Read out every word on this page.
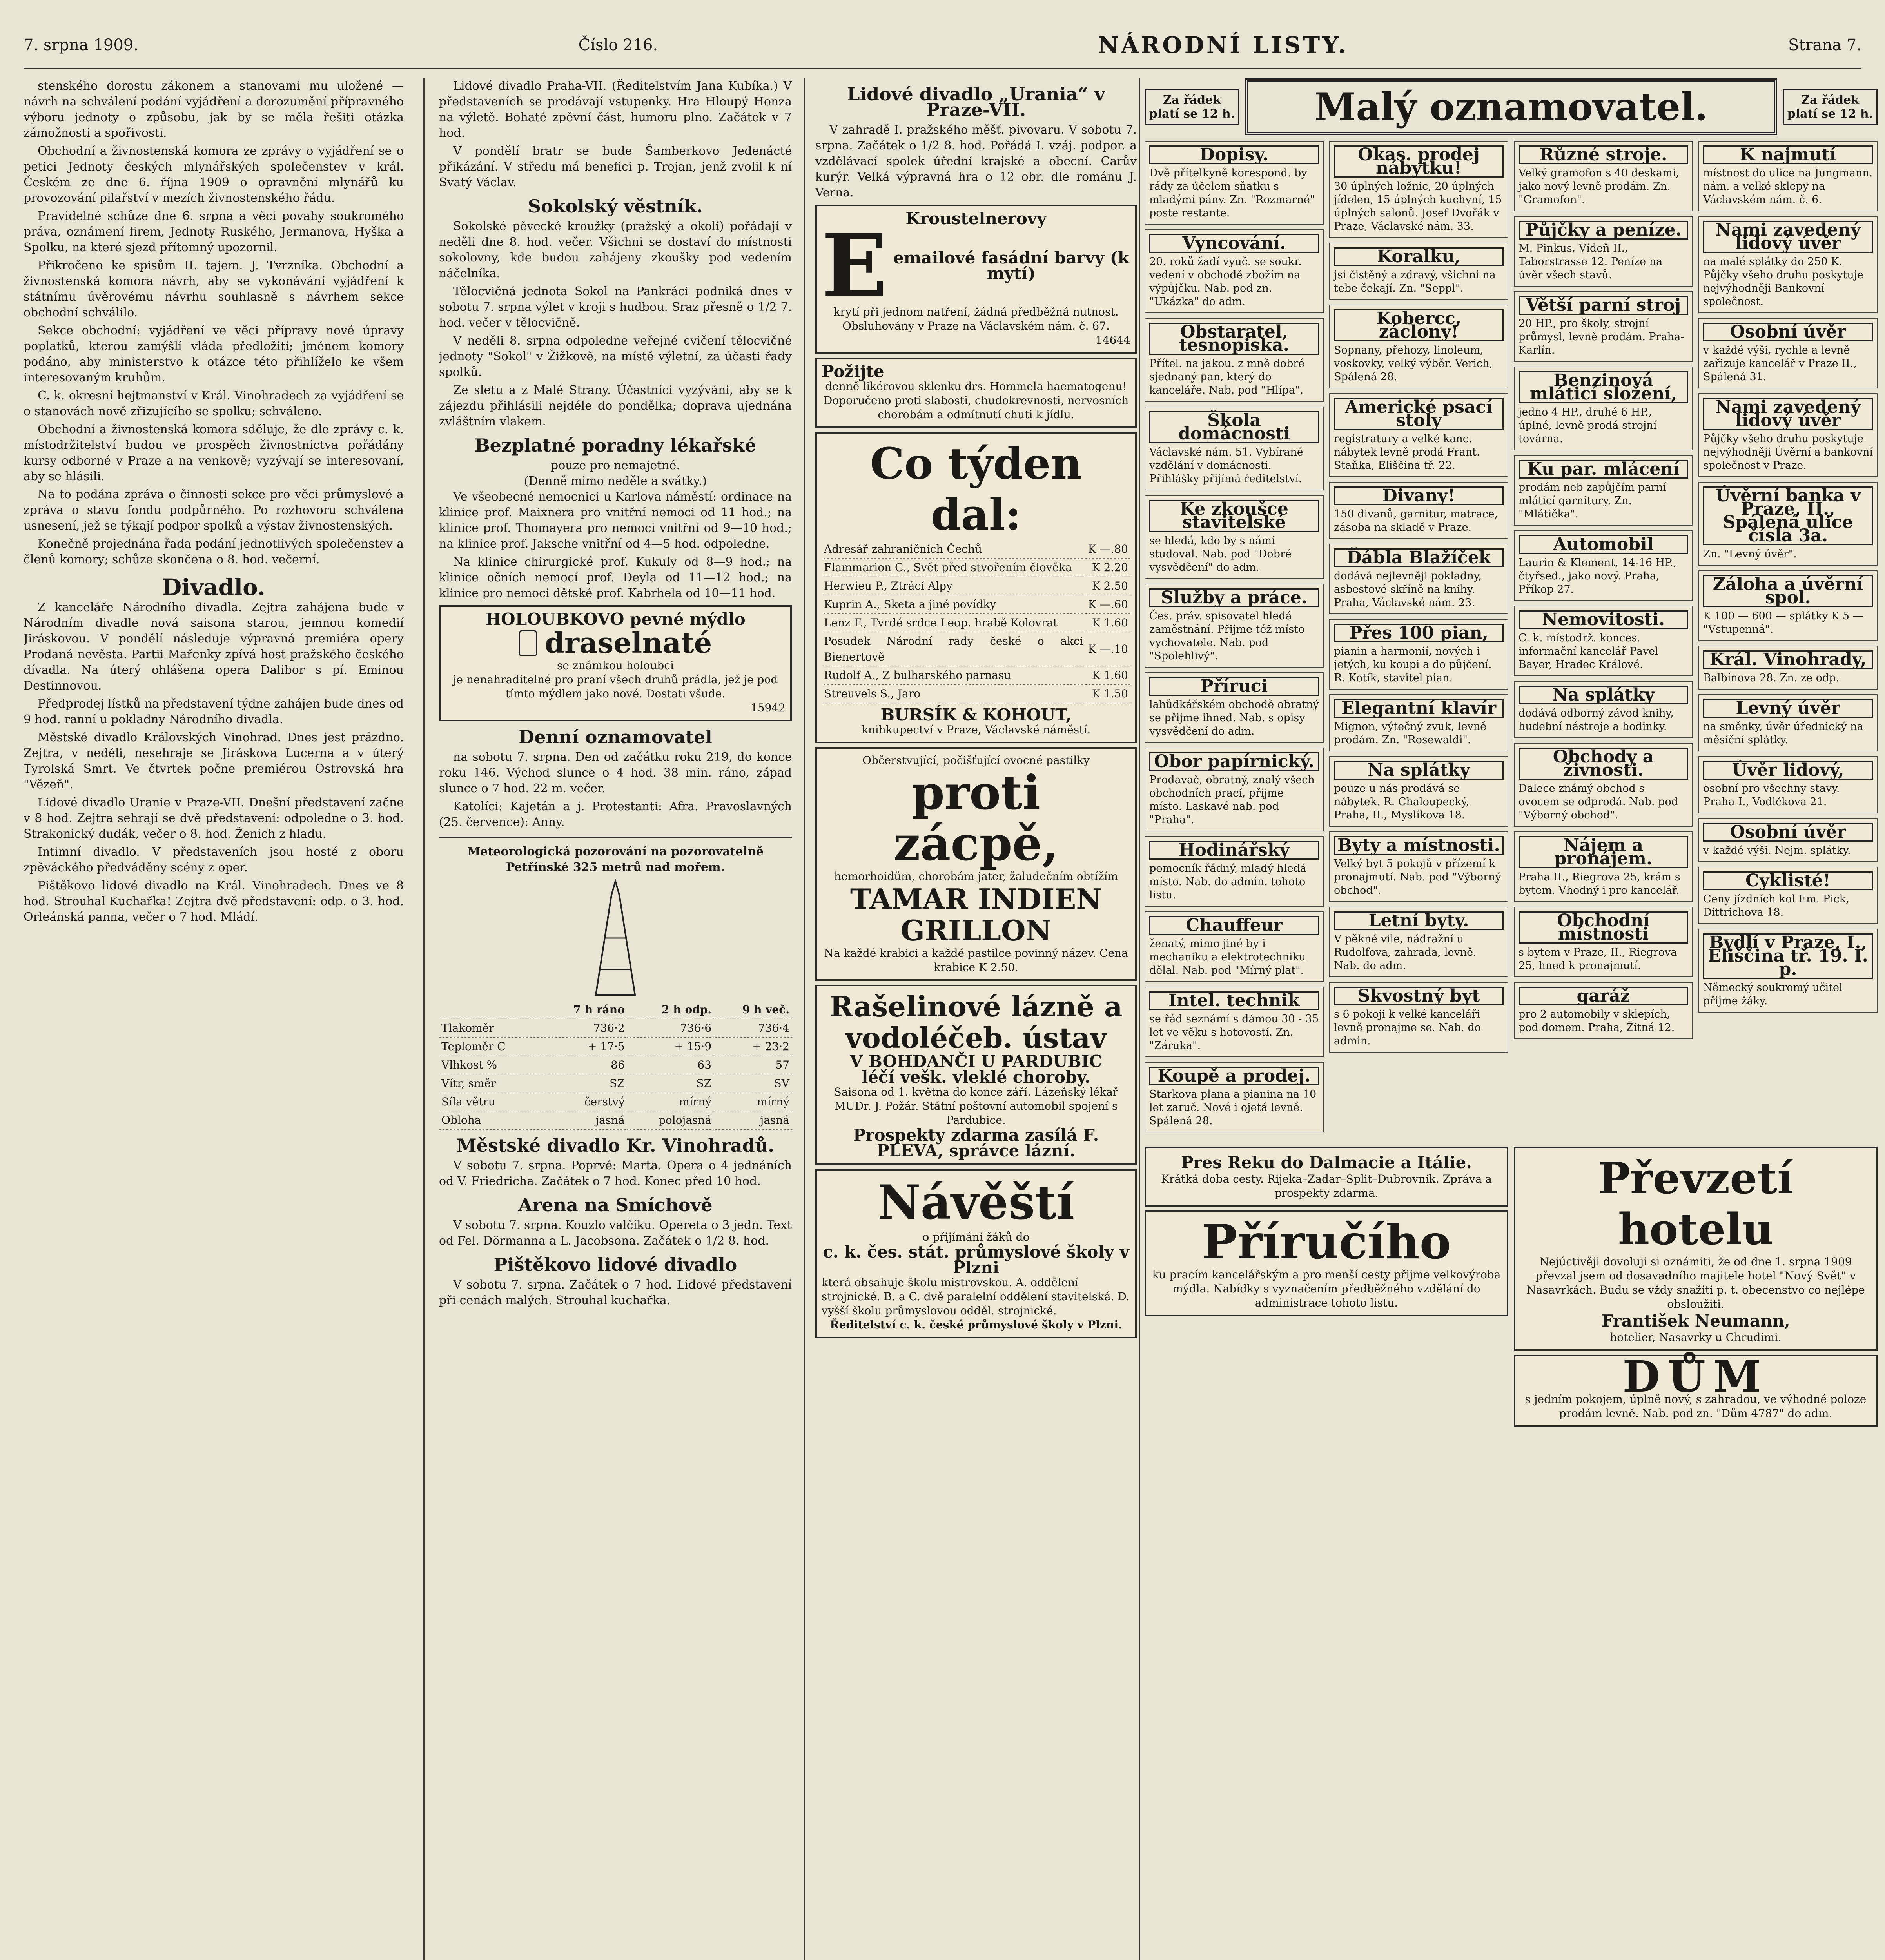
7. srpna 1909.	Číslo 216.	NÁRODNÍ LISTY.	Strana 7.

stenského dorostu zákonem a stanovami mu uložené — návrh na schválení podání vyjádření a dorozumění přípravného výboru jednoty o způsobu, jak by se měla řešiti otázka zámožnosti a spořivosti.

Obchodní a živnostenská komora ze zprávy o vyjádření se o petici Jednoty českých mlynářských společenstev v král. Českém ze dne 6. října 1909 o opravnění mlynářů ku provozování pilařství v mezích živnostenského řádu.

Pravidelné schůze dne 6. srpna a věci povahy soukromého práva, oznámení firem, Jednoty Ruského, Jermanova, Hyška a Spolku, na které sjezd přítomný upozornil.

Přikročeno ke spisům II. tajem. J. Tvrzníka. Obchodní a živnostenská komora návrh, aby se vykonávání vyjádření k státnímu úvěrovému návrhu souhlasně s návrhem sekce obchodní schválilo.

Sekce obchodní: vyjádření ve věci přípravy nové úpravy poplatků, kterou zamýšlí vláda předložiti; jménem komory podáno, aby ministerstvo k otázce této přihlíželo ke všem interesovaným kruhům.

C. k. okresní hejtmanství v Král. Vinohradech za vyjádření se o stanovách nově zřizujícího se spolku; schváleno.

Obchodní a živnostenská komora sděluje, že dle zprávy c. k. místodržitelství budou ve prospěch živnostnictva pořádány kursy odborné v Praze a na venkově; vyzývají se interesovaní, aby se hlásili.

Na to podána zpráva o činnosti sekce pro věci průmyslové a zpráva o stavu fondu podpůrného. Po rozhovoru schválena usnesení, jež se týkají podpor spolků a výstav živnostenských.

Konečně projednána řada podání jednotlivých společenstev a členů komory; schůze skončena o 8. hod. večerní.

Divadlo.

Z kanceláře Národního divadla. Zejtra zahájena bude v Národním divadle nová saisona starou, jemnou komedií Jiráskovou. V pondělí následuje výpravná premiéra opery Prodaná nevěsta. Partii Mařenky zpívá host pražského českého dívadla. Na úterý ohlášena opera Dalibor s pí. Eminou Destinnovou.

Předprodej lístků na představení týdne zahájen bude dnes od 9 hod. ranní u pokladny Národního divadla.

Městské divadlo Královských Vinohrad. Dnes jest prázdno. Zejtra, v neděli, nesehraje se Jiráskova Lucerna a v úterý Tyrolská Smrt. Ve čtvrtek počne premiérou Ostrovská hra "Vězeň".

Lidové divadlo Uranie v Praze-VII. Dnešní představení začne v 8 hod. Zejtra sehrají se dvě představení: odpoledne o 3. hod. Strakonický dudák, večer o 8. hod. Ženich z hladu.

Intimní divadlo. V představeních jsou hosté z oboru zpěváckého předváděny scény z oper.

Pištěkovo lidové divadlo na Král. Vinohradech. Dnes ve 8 hod. Strouhal Kuchařka! Zejtra dvě představení: odp. o 3. hod. Orleánská panna, večer o 7 hod. Mládí.

Lidové divadlo Praha-VII. (Ředitelstvím Jana Kubíka.) V představeních se prodávají vstupenky. Hra Hloupý Honza na výletě. Bohaté zpěvní část, humoru plno. Začátek v 7 hod.

V pondělí bratr se bude Šamberkovo Jedenácté přikázání. V středu má benefici p. Trojan, jenž zvolil k ní Svatý Václav.

Sokolský věstník.

Sokolské pěvecké kroužky (pražský a okolí) pořádají v neděli dne 8. hod. večer. Všichni se dostaví do místnosti sokolovny, kde budou zahájeny zkoušky pod vedením náčelníka.

Tělocvičná jednota Sokol na Pankráci podniká dnes v sobotu 7. srpna výlet v kroji s hudbou. Sraz přesně o 1/2 7. hod. večer v tělocvičně.

V neděli 8. srpna odpoledne veřejné cvičení tělocvičné jednoty "Sokol" v Žižkově, na místě výletní, za účasti řady spolků.

Ze sletu a z Malé Strany. Účastníci vyzýváni, aby se k zájezdu přihlásili nejdéle do pondělka; doprava ujednána zvláštním vlakem.

Bezplatné poradny lékařské
pouze pro nemajetné.
(Denně mimo neděle a svátky.)

Ve všeobecné nemocnici u Karlova náměstí: ordinace na klinice prof. Maixnera pro vnitřní nemoci od 11 hod.; na klinice prof. Thomayera pro nemoci vnitřní od 9—10 hod.; na klinice prof. Jaksche vnitřní od 4—5 hod. odpoledne.

Na klinice chirurgické prof. Kukuly od 8—9 hod.; na klinice očních nemocí prof. Deyla od 11—12 hod.; na klinice pro nemoci dětské prof. Kabrhela od 10—11 hod.

HOLOUBKOVO pevné mýdlo
draselnaté
se známkou holoubci
je nenahraditelné pro praní všech druhů prádla, jež je pod tímto mýdlem jako nové. Dostati všude.
15942
Denní oznamovatel

na sobotu 7. srpna. Den od začátku roku 219, do konce roku 146. Východ slunce o 4 hod. 38 min. ráno, západ slunce o 7 hod. 22 m. večer.

Katolíci: Kajetán a j. Protestanti: Afra. Pravoslavných (25. července): Anny.

Meteorologická pozorování na pozorovatelně Petřínské 325 metrů nad mořem.
	7 h ráno	2 h odp.	9 h več.
Tlakoměr	736·2	736·6	736·4
Teploměr C	+ 17·5	+ 15·9	+ 23·2
Vlhkost %	86	63	57
Vítr, směr	SZ	SZ	SV
Síla větru	čerstvý	mírný	mírný
Obloha	jasná	polojasná	jasná
Městské divadlo Kr. Vinohradů.

V sobotu 7. srpna. Poprvé: Marta. Opera o 4 jednáních od V. Friedricha. Začátek o 7 hod. Konec před 10 hod.

Arena na Smíchově

V sobotu 7. srpna. Kouzlo valčíku. Opereta o 3 jedn. Text od Fel. Dörmanna a L. Jacobsona. Začátek o 1/2 8. hod.

Pištěkovo lidové divadlo

V sobotu 7. srpna. Začátek o 7 hod. Lidové představení při cenách malých. Strouhal kuchařka.

Lidové divadlo „Urania“ v Praze-VII.

V zahradě I. pražského měšť. pivovaru. V sobotu 7. srpna. Začátek o 1/2 8. hod. Pořádá I. vzáj. podpor. a vzdělávací spolek úřední krajské a obecní. Carův kurýr. Velká výpravná hra o 12 obr. dle románu J. Verna.

Kroustelnerovy
E emailové fasádní barvy (k mytí)
krytí při jednom natření, žádná předběžná nutnost. Obsluhovány v Praze na Václavském nám. č. 67.
14644
Požijte
denně likérovou sklenku drs. Hommela haematogenu! Doporučeno proti slabosti, chudokrevnosti, nervosních chorobám a odmítnutí chuti k jídlu.
Co týden dal:
Adresář zahraničních Čechů	K —.80
Flammarion C., Svět před stvořením člověka	K 2.20
Herwieu P., Ztrácí Alpy	K 2.50
Kuprin A., Sketa a jiné povídky	K —.60
Lenz F., Tvrdé srdce Leop. hrabě Kolovrat	K 1.60
Posudek Národní rady české o akci Bienertově	K —.10
Rudolf A., Z bulharského parnasu	K 1.60
Streuvels S., Jaro	K 1.50
BURSÍK & KOHOUT,
knihkupectví v Praze, Václavské náměstí.
Občerstvující, počišťující ovocné pastilky
proti zácpě,
hemorhoidům, chorobám jater, žaludečním obtížím
TAMAR INDIEN GRILLON
Na každé krabici a každé pastilce povinný název. Cena krabice K 2.50.
Rašelinové lázně a vodoléčeb. ústav
V BOHDANČI U PARDUBIC
léčí vešk. vleklé choroby.
Saisona od 1. května do konce září. Lázeňský lékař MUDr. J. Požár. Státní poštovní automobil spojení s Pardubice.
Prospekty zdarma zasílá F. PLEVA, správce lázní.
Návěští
o přijímání žáků do
c. k. čes. stát. průmyslové školy v Plzni
která obsahuje školu mistrovskou. A. oddělení strojnické. B. a C. dvě paralelní oddělení stavitelská. D. vyšší školu průmyslovou odděl. strojnické.
Ředitelství c. k. české průmyslové školy v Plzni.
Za řádek platí se 12 h.	Malý oznamovatel.	Za řádek platí se 12 h.
Dopisy.
Dvě přítelkyně korespond. by rády za účelem sňatku s mladými pány. Zn. "Rozmarné" poste restante.
Vyncování.
20. roků žadí vyuč. se soukr. vedení v obchodě zbožím na výpůjčku. Nab. pod zn. "Ukázka" do adm.
Obstaratel, tesnopiska.
Přítel. na jakou. z mně dobré sjednaný pan, který do kanceláře. Nab. pod "Hlípa".
Škola domácnosti
Václavské nám. 51. Vybírané vzdělání v domácnosti. Přihlášky přijímá ředitelství.
Ke zkoušce stavitelské
se hledá, kdo by s námi studoval. Nab. pod "Dobré vysvědčení" do adm.
Služby a práce.
Čes. práv. spisovatel hledá zaměstnání. Přijme též místo vychovatele. Nab. pod "Spolehlivý".
Příruci
lahůdkářském obchodě obratný se přijme ihned. Nab. s opisy vysvědčení do adm.
Obor papírnický.
Prodavač, obratný, znalý všech obchodních prací, přijme místo. Laskavé nab. pod "Praha".
Hodinářský
pomocník řádný, mladý hledá místo. Nab. do admin. tohoto listu.
Chauffeur
ženatý, mimo jiné by i mechaniku a elektrotechniku dělal. Nab. pod "Mírný plat".
Intel. technik
se řád seznámí s dámou 30 - 35 let ve věku s hotovostí. Zn. "Záruka".
Koupě a prodej.
Starkova plana a pianina na 10 let zaruč. Nové i ojetá levně. Spálená 28.
Okas. prodej nábytku!
30 úplných ložnic, 20 úplných jídelen, 15 úplných kuchyní, 15 úplných salonů. Josef Dvořák v Praze, Václavské nám. 33.
Koralku,
jsi čistěný a zdravý, všichni na tebe čekají. Zn. "Seppl".
Kobercc, záclony!
Sopnany, přehozy, linoleum, voskovky, velký výběr. Verich, Spálená 28.
Americké psací stoly
registratury a velké kanc. nábytek levně prodá Frant. Staňka, Eliščina tř. 22.
Divany!
150 divanů, garnitur, matrace, zásoba na skladě v Praze.
Ďábla Blažíček
dodává nejlevněji pokladny, asbestové skříně na knihy. Praha, Václavské nám. 23.
Přes 100 pian,
pianin a harmonií, nových i jetých, ku koupi a do půjčení. R. Kotík, stavitel pian.
Elegantní klavír
Mignon, výtečný zvuk, levně prodám. Zn. "Rosewaldi".
Na splátky
pouze u nás prodává se nábytek. R. Chaloupecký, Praha, II., Myslíkova 18.
Byty a místnosti.
Velký byt 5 pokojů v přízemí k pronajmutí. Nab. pod "Výborný obchod".
Letní byty.
V pěkné vile, nádražní u Rudolfova, zahrada, levně. Nab. do adm.
Skvostný byt
s 6 pokoji k velké kanceláři levně pronajme se. Nab. do admin.
Různé stroje.
Velký gramofon s 40 deskami, jako nový levně prodám. Zn. "Gramofon".
Půjčky a peníze.
M. Pinkus, Vídeň II., Taborstrasse 12. Peníze na úvěr všech stavů.
Větší parní stroj
20 HP., pro školy, strojní průmysl, levně prodám. Praha-Karlín.
Benzinová mláticí složení,
jedno 4 HP., druhé 6 HP., úplné, levně prodá strojní továrna.
Ku par. mlácení
prodám neb zapůjčím parní mláticí garnitury. Zn. "Mlátička".
Automobil
Laurin & Klement, 14-16 HP., čtyřsed., jako nový. Praha, Příkop 27.
Nemovitosti.
C. k. místodrž. konces. informační kancelář Pavel Bayer, Hradec Králové.
Na splátky
dodává odborný závod knihy, hudební nástroje a hodinky.
Obchody a živnosti.
Dalece známý obchod s ovocem se odprodá. Nab. pod "Výborný obchod".
Nájem a pronájem.
Praha II., Riegrova 25, krám s bytem. Vhodný i pro kancelář.
Obchodní místnosti
s bytem v Praze, II., Riegrova 25, hned k pronajmutí.
garáž
pro 2 automobily v sklepích, pod domem. Praha, Žitná 12.
K najmutí
místnost do ulice na Jungmann. nám. a velké sklepy na Václavském nám. č. 6.
Nami zavedený lidový úvěr
na malé splátky do 250 K. Půjčky všeho druhu poskytuje nejvýhodněji Bankovní společnost.
Osobní úvěr
v každé výši, rychle a levně zařizuje kancelář v Praze II., Spálená 31.
Nami zavedený lidový úvěr
Půjčky všeho druhu poskytuje nejvýhodněji Úvěrní a bankovní společnost v Praze.
Úvěrní banka v Praze, II., Spálená ulice čísla 3a.
Zn. "Levný úvěr".
Záloha a úvěrní spol.
K 100 — 600 — splátky K 5 — "Vstupenná".
Král. Vinohrady,
Balbínova 28. Zn. ze odp.
Levný úvěr
na směnky, úvěr úřednický na měsíční splátky.
Úvěr lidový,
osobní pro všechny stavy. Praha I., Vodičkova 21.
Osobní úvěr
v každé výši. Nejm. splátky.
Cyklisté!
Ceny jízdních kol Em. Pick, Dittrichova 18.
Bydlí v Praze, I., Eliščina tř. 19. I. p.
Německý soukromý učitel přijme žáky.
Pres Reku do Dalmacie a Itálie.
Krátká doba cesty. Rijeka–Zadar–Split–Dubrovník. Zpráva a prospekty zdarma.
Příručího
ku pracím kancelářským a pro menší cesty přijme velkovýroba mýdla. Nabídky s vyznačením předběžného vzdělání do administrace tohoto listu.
Převzetí hotelu
Nejúctivěji dovoluji si oznámiti, že od dne 1. srpna 1909 převzal jsem od dosavadního majitele hotel "Nový Svět" v Nasavrkách. Budu se vždy snažiti p. t. obecenstvo co nejlépe obsloužiti.
František Neumann,
hotelier, Nasavrky u Chrudimi.
DŮM
s jedním pokojem, úplně nový, s zahradou, ve výhodné poloze prodám levně. Nab. pod zn. "Dům 4787" do adm.
